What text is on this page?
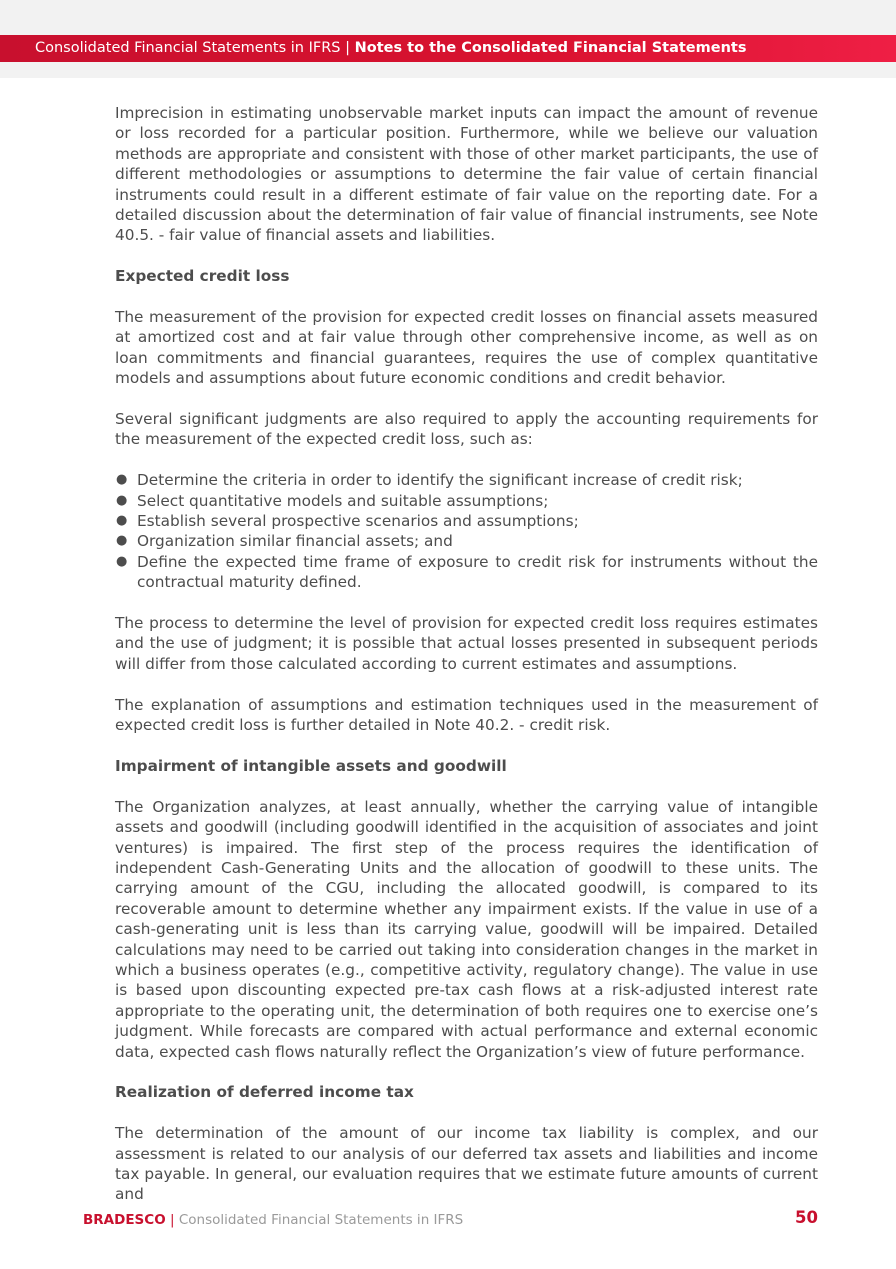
Consolidated Financial Statements in IFRS | Notes to the Consolidated Financial Statements

Imprecision in estimating unobservable market inputs can impact the amount of revenue or loss recorded for a particular position. Furthermore, while we believe our valuation methods are appropriate and consistent with those of other market participants, the use of different methodologies or assumptions to determine the fair value of certain financial instruments could result in a different estimate of fair value on the reporting date. For a detailed discussion about the determination of fair value of financial instruments, see Note 40.5. - fair value of financial assets and liabilities.

Expected credit loss

The measurement of the provision for expected credit losses on financial assets measured at amortized cost and at fair value through other comprehensive income, as well as on loan commitments and financial guarantees, requires the use of complex quantitative models and assumptions about future economic conditions and credit behavior.

Several significant judgments are also required to apply the accounting requirements for the measurement of the expected credit loss, such as:

● Determine the criteria in order to identify the significant increase of credit risk;
● Select quantitative models and suitable assumptions;
● Establish several prospective scenarios and assumptions;
● Organization similar financial assets; and
● Define the expected time frame of exposure to credit risk for instruments without the contractual maturity defined.

The process to determine the level of provision for expected credit loss requires estimates and the use of judgment; it is possible that actual losses presented in subsequent periods will differ from those calculated according to current estimates and assumptions.

The explanation of assumptions and estimation techniques used in the measurement of expected credit loss is further detailed in Note 40.2. - credit risk.

Impairment of intangible assets and goodwill

The Organization analyzes, at least annually, whether the carrying value of intangible assets and goodwill (including goodwill identified in the acquisition of associates and joint ventures) is impaired. The first step of the process requires the identification of independent Cash-Generating Units and the allocation of goodwill to these units. The carrying amount of the CGU, including the allocated goodwill, is compared to its recoverable amount to determine whether any impairment exists. If the value in use of a cash-generating unit is less than its carrying value, goodwill will be impaired. Detailed calculations may need to be carried out taking into consideration changes in the market in which a business operates (e.g., competitive activity, regulatory change). The value in use is based upon discounting expected pre-tax cash flows at a risk-adjusted interest rate appropriate to the operating unit, the determination of both requires one to exercise one’s judgment. While forecasts are compared with actual performance and external economic data, expected cash flows naturally reflect the Organization’s view of future performance.

Realization of deferred income tax

The determination of the amount of our income tax liability is complex, and our assessment is related to our analysis of our deferred tax assets and liabilities and income tax payable. In general, our evaluation requires that we estimate future amounts of current and

BRADESCO | Consolidated Financial Statements in IFRS	50
